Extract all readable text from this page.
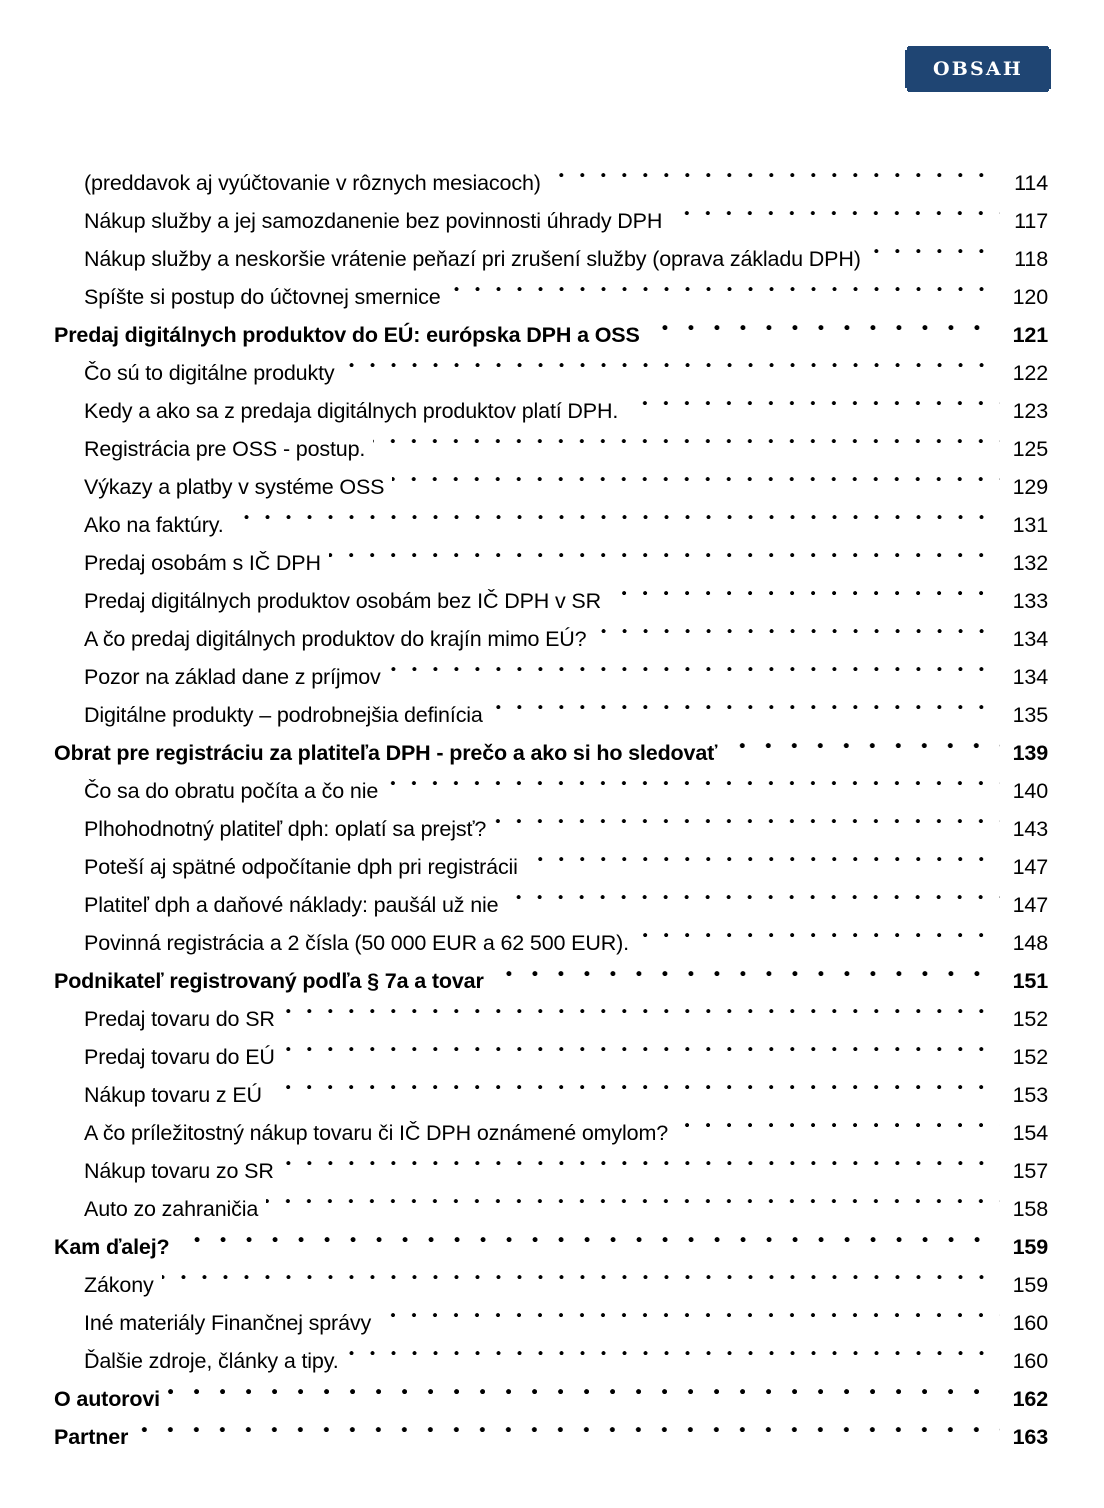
OBSAH
(preddavok aj vyúčtovanie v rôznych mesiacoch)	114
Nákup služby a jej samozdanenie bez povinnosti úhrady DPH	117
Nákup služby a neskoršie vrátenie peňazí pri zrušení služby (oprava základu DPH)	118
Spíšte si postup do účtovnej smernice	120
Predaj digitálnych produktov do EÚ: európska DPH a OSS	121
Čo sú to digitálne produkty	122
Kedy a ako sa z predaja digitálnych produktov platí DPH.	123
Registrácia pre OSS - postup.	125
Výkazy a platby v systéme OSS	129
Ako na faktúry.	131
Predaj osobám s IČ DPH	132
Predaj digitálnych produktov osobám bez IČ DPH v SR	133
A čo predaj digitálnych produktov do krajín mimo EÚ?	134
Pozor na základ dane z príjmov	134
Digitálne produkty – podrobnejšia definícia	135
Obrat pre registráciu za platiteľa DPH - prečo a ako si ho sledovať	139
Čo sa do obratu počíta a čo nie	140
Plhohodnotný platiteľ dph: oplatí sa prejsť?	143
Poteší aj spätné odpočítanie dph pri registrácii	147
Platiteľ dph a daňové náklady: paušál už nie	147
Povinná registrácia a 2 čísla (50 000 EUR a 62 500 EUR).	148
Podnikateľ registrovaný podľa § 7a a tovar	151
Predaj tovaru do SR	152
Predaj tovaru do EÚ	152
Nákup tovaru z EÚ	153
A čo príležitostný nákup tovaru či IČ DPH oznámené omylom?	154
Nákup tovaru zo SR	157
Auto zo zahraničia	158
Kam ďalej?	159
Zákony	159
Iné materiály Finančnej správy	160
Ďalšie zdroje, články a tipy.	160
O autorovi	162
Partner	163
